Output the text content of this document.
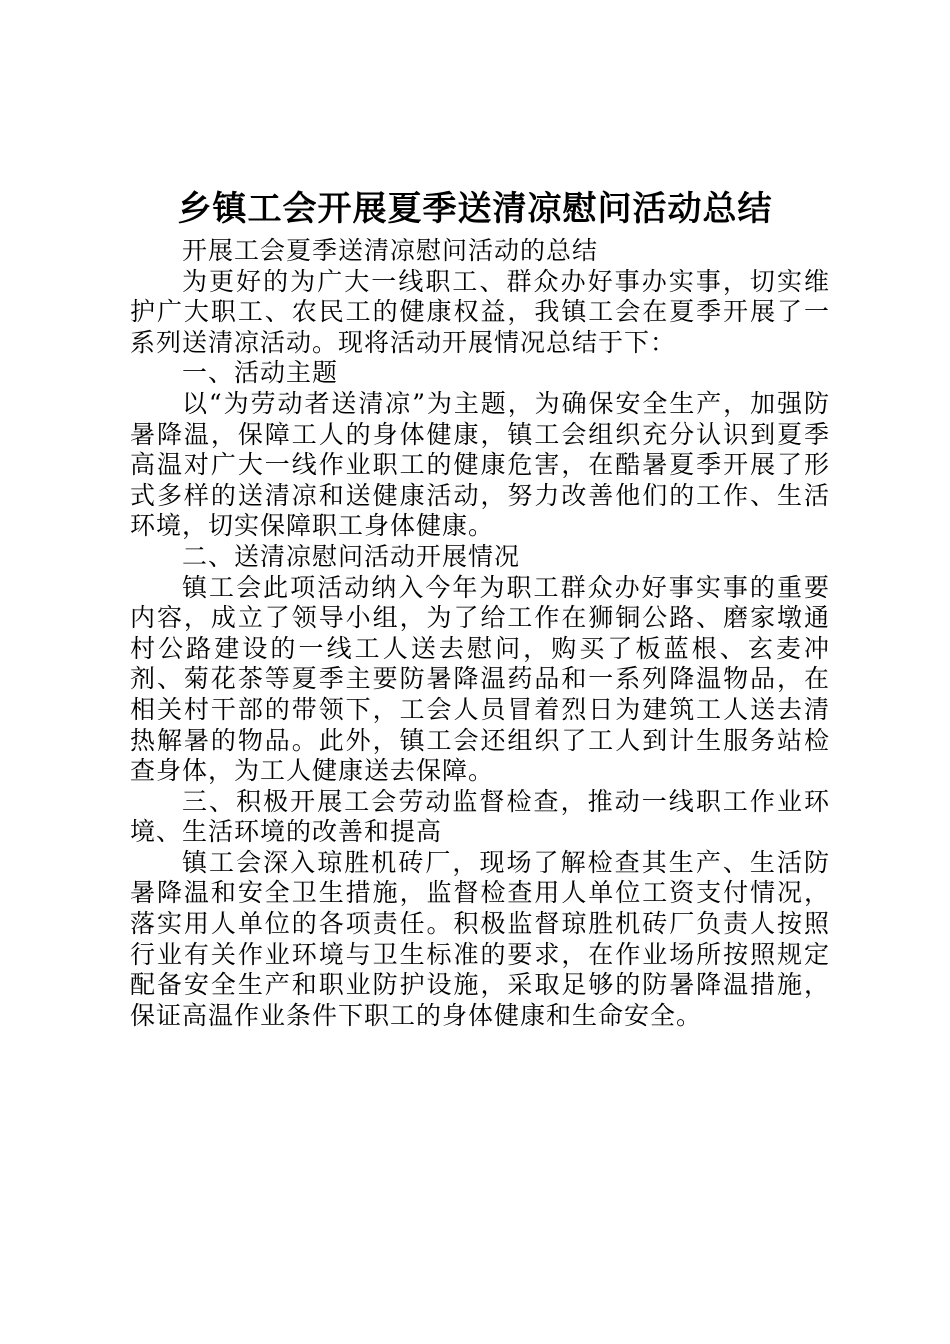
乡镇工会开展夏季送清凉慰问活动总结

开展工会夏季送清凉慰问活动的总结

为更好的为广大一线职工、群众办好事办实事，切实维护广大职工、农民工的健康权益，我镇工会在夏季开展了一系列送清凉活动。现将活动开展情况总结于下：

一、活动主题

以“为劳动者送清凉”为主题，为确保安全生产，加强防暑降温，保障工人的身体健康，镇工会组织充分认识到夏季高温对广大一线作业职工的健康危害，在酷暑夏季开展了形式多样的送清凉和送健康活动，努力改善他们的工作、生活环境，切实保障职工身体健康。

二、送清凉慰问活动开展情况

镇工会此项活动纳入今年为职工群众办好事实事的重要内容，成立了领导小组，为了给工作在狮铜公路、磨家墩通村公路建设的一线工人送去慰问，购买了板蓝根、玄麦冲剂、菊花茶等夏季主要防暑降温药品和一系列降温物品，在相关村干部的带领下，工会人员冒着烈日为建筑工人送去清热解暑的物品。此外，镇工会还组织了工人到计生服务站检查身体，为工人健康送去保障。

三、积极开展工会劳动监督检查，推动一线职工作业环境、生活环境的改善和提高

镇工会深入琼胜机砖厂，现场了解检查其生产、生活防暑降温和安全卫生措施，监督检查用人单位工资支付情况，落实用人单位的各项责任。积极监督琼胜机砖厂负责人按照行业有关作业环境与卫生标准的要求，在作业场所按照规定配备安全生产和职业防护设施，采取足够的防暑降温措施，保证高温作业条件下职工的身体健康和生命安全。
